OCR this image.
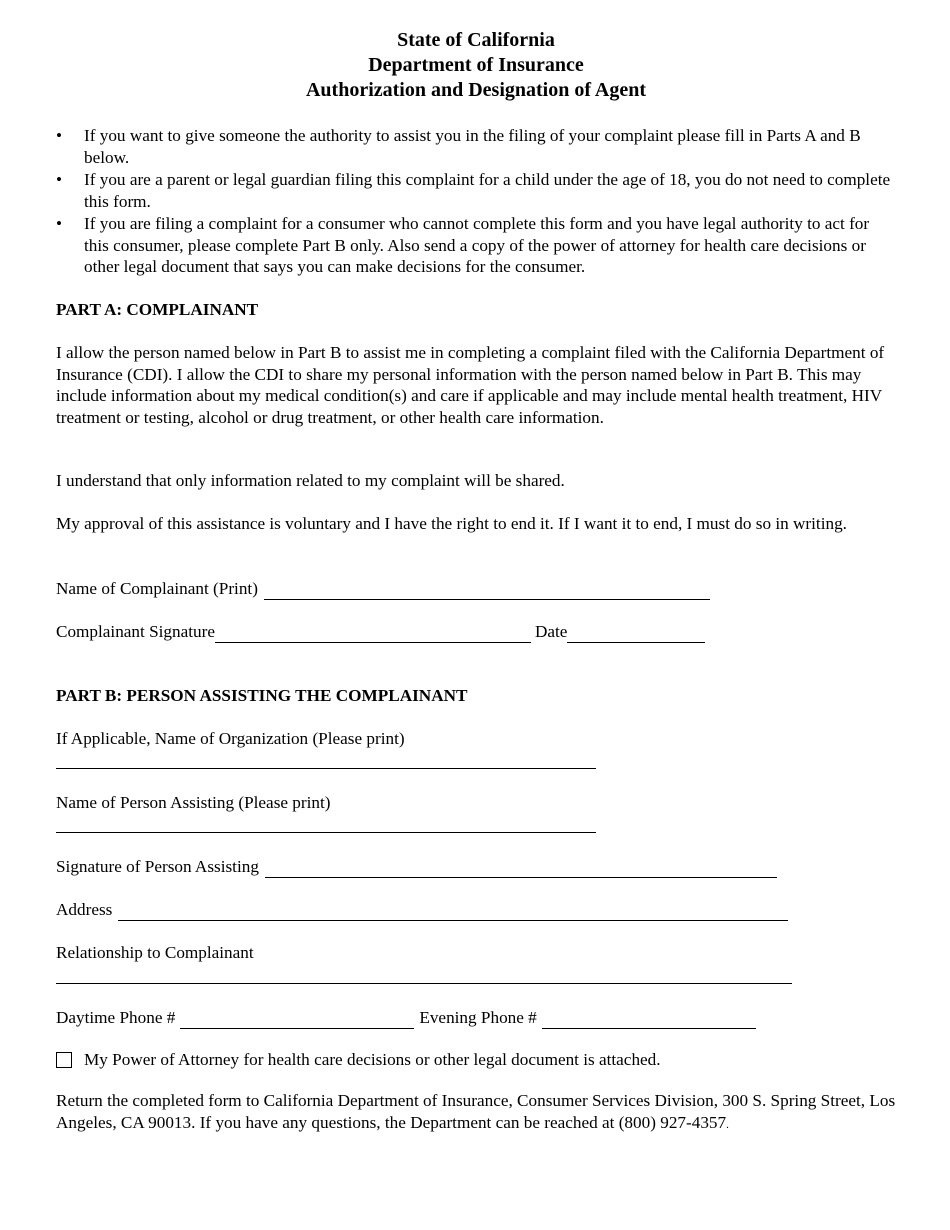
State of California

Department of Insurance

Authorization and Designation of Agent

• If you want to give someone the authority to assist you in the filing of your complaint please fill in Parts A and B below.
• If you are a parent or legal guardian filing this complaint for a child under the age of 18, you do not need to complete this form.
• If you are filing a complaint for a consumer who cannot complete this form and you have legal authority to act for this consumer, please complete Part B only. Also send a copy of the power of attorney for health care decisions or other legal document that says you can make decisions for the consumer.
PART A: COMPLAINANT
I allow the person named below in Part B to assist me in completing a complaint filed with the California Department of Insurance (CDI). I allow the CDI to share my personal information with the person named below in Part B. This may include information about my medical condition(s) and care if applicable and may include mental health treatment, HIV treatment or testing, alcohol or drug treatment, or other health care information.
I understand that only information related to my complaint will be shared.
My approval of this assistance is voluntary and I have the right to end it. If I want it to end, I must do so in writing.
Name of Complainant (Print)
Complainant Signature	Date
PART B: PERSON ASSISTING THE COMPLAINANT
If Applicable, Name of Organization (Please print)
Name of Person Assisting (Please print)
Signature of Person Assisting
Address
Relationship to Complainant
Daytime Phone #	Evening Phone #
My Power of Attorney for health care decisions or other legal document is attached.
Return the completed form to California Department of Insurance, Consumer Services Division, 300 S. Spring Street, Los Angeles, CA 90013. If you have any questions, the Department can be reached at (800) 927-4357.
